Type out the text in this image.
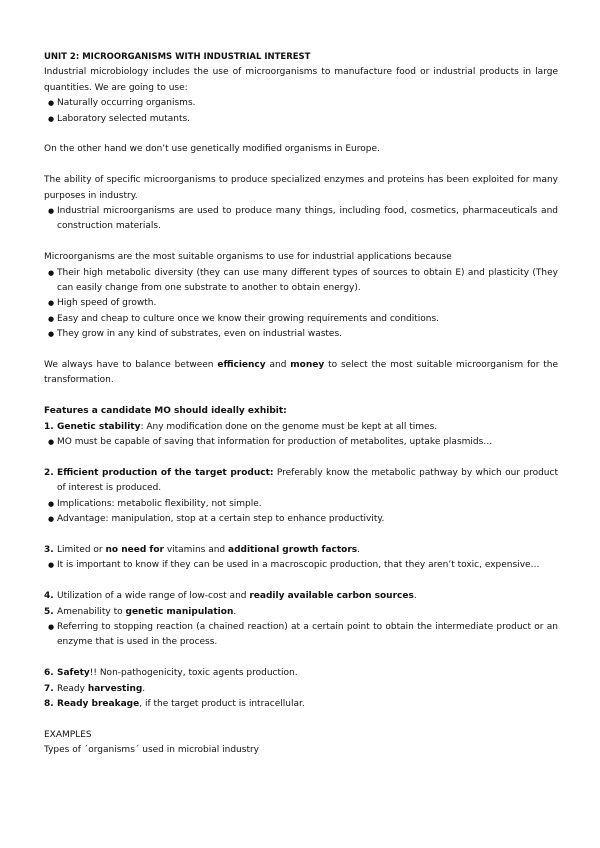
UNIT 2: MICROORGANISMS WITH INDUSTRIAL INTEREST
Industrial microbiology includes the use of microorganisms to manufacture food or industrial products in large quantities. We are going to use:
● Naturally occurring organisms.
● Laboratory selected mutants.
On the other hand we don’t use genetically modified organisms in Europe.
The ability of specific microorganisms to produce specialized enzymes and proteins has been exploited for many purposes in industry.
● Industrial microorganisms are used to produce many things, including food, cosmetics, pharmaceuticals and construction materials.
Microorganisms are the most suitable organisms to use for industrial applications because
● Their high metabolic diversity (they can use many different types of sources to obtain E) and plasticity (They can easily change from one substrate to another to obtain energy).
● High speed of growth.
● Easy and cheap to culture once we know their growing requirements and conditions.
● They grow in any kind of substrates, even on industrial wastes.
We always have to balance between efficiency and money to select the most suitable microorganism for the transformation.
Features a candidate MO should ideally exhibit:
1. Genetic stability: Any modification done on the genome must be kept at all times.
● MO must be capable of saving that information for production of metabolites, uptake plasmids…
2. Efficient production of the target product: Preferably know the metabolic pathway by which our product of interest is produced.
● Implications: metabolic flexibility, not simple.
● Advantage: manipulation, stop at a certain step to enhance productivity.
3. Limited or no need for vitamins and additional growth factors.
● It is important to know if they can be used in a macroscopic production, that they aren’t toxic, expensive…
4. Utilization of a wide range of low-cost and readily available carbon sources.
5. Amenability to genetic manipulation.
● Referring to stopping reaction (a chained reaction) at a certain point to obtain the intermediate product or an enzyme that is used in the process.
6. Safety!! Non-pathogenicity, toxic agents production.
7. Ready harvesting.
8. Ready breakage, if the target product is intracellular.
EXAMPLES
Types of ´organisms´ used in microbial industry
